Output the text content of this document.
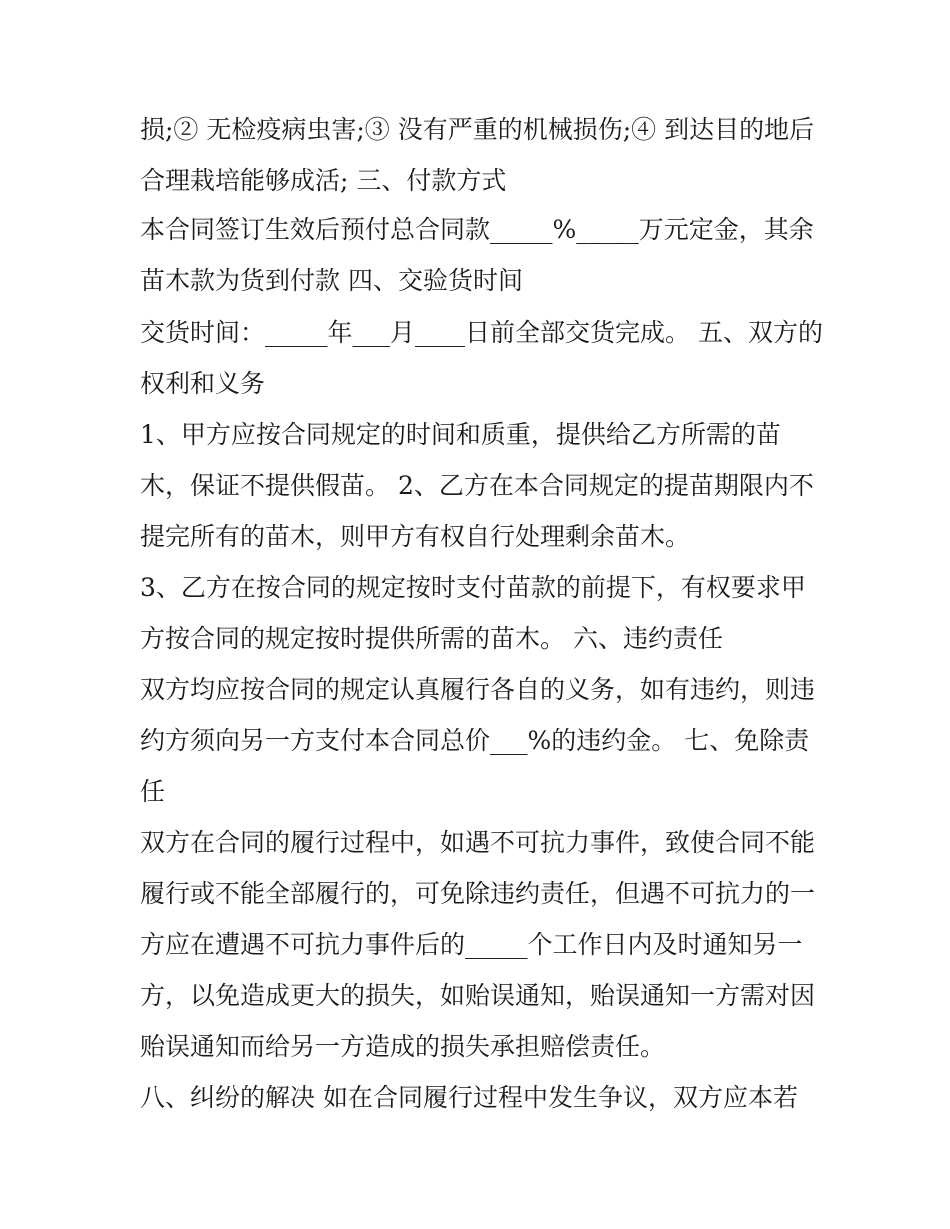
损;② 无检疫病虫害;③ 没有严重的机械损伤;④ 到达目的地后
合理栽培能够成活; 三、付款方式
本合同签订生效后预付总合同款_____%_____万元定金，其余
苗木款为货到付款 四、交验货时间
交货时间：_____年___月____日前全部交货完成。 五、双方的
权利和义务
1、甲方应按合同规定的时间和质重，提供给乙方所需的苗
木，保证不提供假苗。 2、乙方在本合同规定的提苗期限内不
提完所有的苗木，则甲方有权自行处理剩余苗木。
3、乙方在按合同的规定按时支付苗款的前提下，有权要求甲
方按合同的规定按时提供所需的苗木。 六、违约责任
双方均应按合同的规定认真履行各自的义务，如有违约，则违
约方须向另一方支付本合同总价___%的违约金。 七、免除责
任
双方在合同的履行过程中，如遇不可抗力事件，致使合同不能
履行或不能全部履行的，可免除违约责任，但遇不可抗力的一
方应在遭遇不可抗力事件后的_____个工作日内及时通知另一
方，以免造成更大的损失，如贻误通知，贻误通知一方需对因
贻误通知而给另一方造成的损失承担赔偿责任。
八、纠纷的解决 如在合同履行过程中发生争议，双方应本若
